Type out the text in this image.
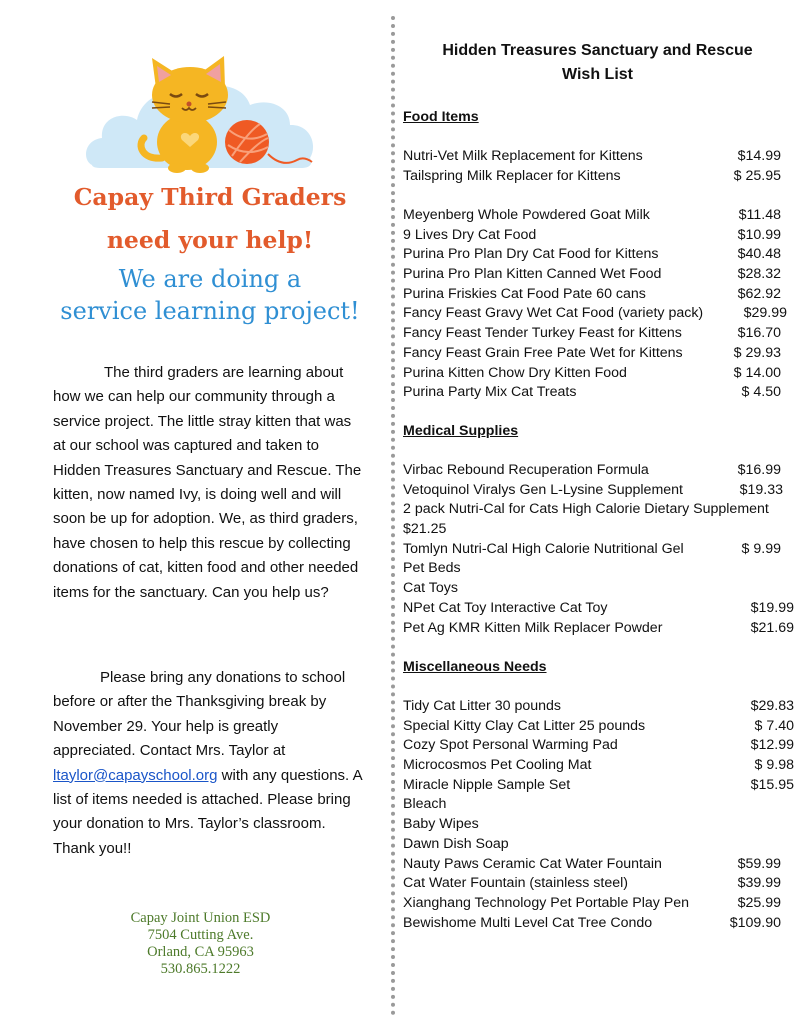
Capay Third Graders
need your help!
We are doing a
service learning project!

The third graders are learning about how we can help our community through a service project. The little stray kitten that was at our school was captured and taken to Hidden Treasures Sanctuary and Rescue. The kitten, now named Ivy, is doing well and will soon be up for adoption. We, as third graders, have chosen to help this rescue by collecting donations of cat, kitten food and other needed items for the sanctuary. Can you help us?

Please bring any donations to school before or after the Thanksgiving break by November 29. Your help is greatly appreciated. Contact Mrs. Taylor at ltaylor@capayschool.org with any questions. A list of items needed is attached. Please bring your donation to Mrs. Taylor’s classroom. Thank you!!

Capay Joint Union ESD
7504 Cutting Ave.
Orland, CA 95963
530.865.1222
Hidden Treasures Sanctuary and Rescue
Wish List
Food Items
Nutri-Vet Milk Replacement for Kittens	$14.99
Tailspring Milk Replacer for Kittens	$ 25.95
Meyenberg Whole Powdered Goat Milk	$11.48
9 Lives Dry Cat Food	$10.99
Purina Pro Plan Dry Cat Food for Kittens	$40.48
Purina Pro Plan Kitten Canned Wet Food	$28.32
Purina Friskies Cat Food Pate 60 cans	$62.92
Fancy Feast Gravy Wet Cat Food (variety pack)	$29.99
Fancy Feast Tender Turkey Feast for Kittens	$16.70
Fancy Feast Grain Free Pate Wet for Kittens	$ 29.93
Purina Kitten Chow Dry Kitten Food	$ 14.00
Purina Party Mix Cat Treats	$ 4.50
Medical Supplies
Virbac Rebound Recuperation Formula	$16.99
Vetoquinol Viralys Gen L-Lysine Supplement	$19.33
2 pack Nutri-Cal for Cats High Calorie Dietary Supplement
$21.25
Tomlyn Nutri-Cal High Calorie Nutritional Gel	$ 9.99
Pet Beds
Cat Toys
NPet Cat Toy Interactive Cat Toy	$19.99
Pet Ag KMR Kitten Milk Replacer Powder	$21.69
Miscellaneous Needs
Tidy Cat Litter 30 pounds	$29.83
Special Kitty Clay Cat Litter 25 pounds	$ 7.40
Cozy Spot Personal Warming Pad	$12.99
Microcosmos Pet Cooling Mat	$ 9.98
Miracle Nipple Sample Set	$15.95
Bleach
Baby Wipes
Dawn Dish Soap
Nauty Paws Ceramic Cat Water Fountain	$59.99
Cat Water Fountain (stainless steel)	$39.99
Xianghang Technology Pet Portable Play Pen	$25.99
Bewishome Multi Level Cat Tree Condo	$109.90
